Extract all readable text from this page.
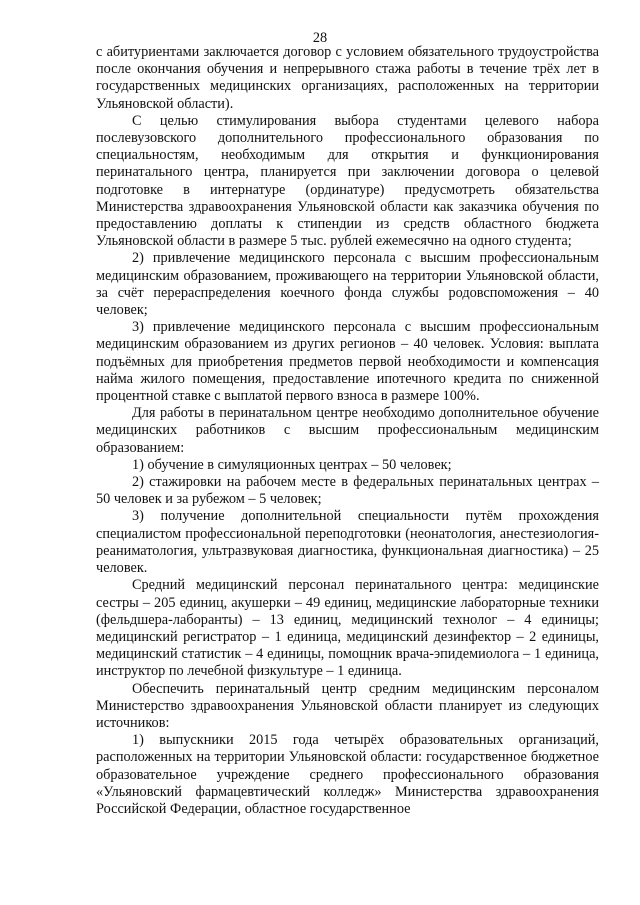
28

с абитуриентами заключается договор с условием обязательного трудоустройства после окончания обучения и непрерывного стажа работы в течение трёх лет в государственных медицинских организациях, расположенных на территории Ульяновской области).

С целью стимулирования выбора студентами целевого набора послевузовского дополнительного профессионального образования по специальностям, необходимым для открытия и функционирования перинатального центра, планируется при заключении договора о целевой подготовке в интернатуре (ординатуре) предусмотреть обязательства Министерства здравоохранения Ульяновской области как заказчика обучения по предоставлению доплаты к стипендии из средств областного бюджета Ульяновской области в размере 5 тыс. рублей ежемесячно на одного студента;

2) привлечение медицинского персонала с высшим профессиональным медицинским образованием, проживающего на территории Ульяновской области, за счёт перераспределения коечного фонда службы родовспоможения – 40 человек;

3) привлечение медицинского персонала с высшим профессиональным медицинским образованием из других регионов – 40 человек. Условия: выплата подъёмных для приобретения предметов первой необходимости и компенсация найма жилого помещения, предоставление ипотечного кредита по сниженной процентной ставке с выплатой первого взноса в размере 100%.

Для работы в перинатальном центре необходимо дополнительное обучение медицинских работников с высшим профессиональным медицинским образованием:

1) обучение в симуляционных центрах – 50 человек;

2) стажировки на рабочем месте в федеральных перинатальных центрах – 50 человек и за рубежом – 5 человек;

3) получение дополнительной специальности путём прохождения специалистом профессиональной переподготовки (неонатология, анестезиология-реаниматология, ультразвуковая диагностика, функциональная диагностика) – 25 человек.

Средний медицинский персонал перинатального центра: медицинские сестры – 205 единиц, акушерки – 49 единиц, медицинские лабораторные техники (фельдшера-лаборанты) – 13 единиц, медицинский технолог – 4 единицы; медицинский регистратор – 1 единица, медицинский дезинфектор – 2 единицы, медицинский статистик – 4 единицы, помощник врача-эпидемиолога – 1 единица, инструктор по лечебной физкультуре – 1 единица.

Обеспечить перинатальный центр средним медицинским персоналом Министерство здравоохранения Ульяновской области планирует из следующих источников:

1) выпускники 2015 года четырёх образовательных организаций, расположенных на территории Ульяновской области: государственное бюджетное образовательное учреждение среднего профессионального образования «Ульяновский фармацевтический колледж» Министерства здравоохранения Российской Федерации, областное государственное
